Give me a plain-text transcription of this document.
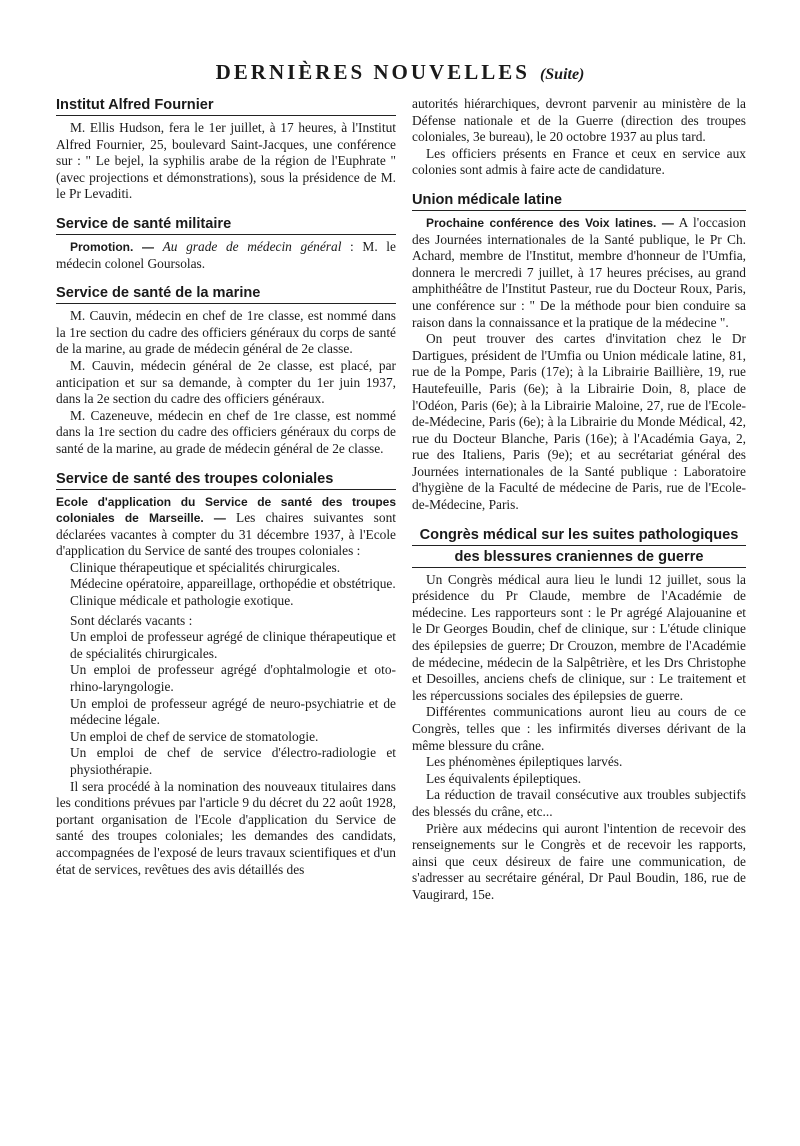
DERNIÈRES NOUVELLES (Suite)
Institut Alfred Fournier

M. Ellis Hudson, fera le 1er juillet, à 17 heures, à l'Institut Alfred Fournier, 25, boulevard Saint-Jacques, une conférence sur : " Le bejel, la syphilis arabe de la région de l'Euphrate " (avec projections et démonstrations), sous la présidence de M. le Pr Levaditi.

Service de santé militaire

Promotion. — Au grade de médecin général : M. le médecin colonel Goursolas.

Service de santé de la marine

M. Cauvin, médecin en chef de 1re classe, est nommé dans la 1re section du cadre des officiers généraux du corps de santé de la marine, au grade de médecin général de 2e classe.

M. Cauvin, médecin général de 2e classe, est placé, par anticipation et sur sa demande, à compter du 1er juin 1937, dans la 2e section du cadre des officiers généraux.

M. Cazeneuve, médecin en chef de 1re classe, est nommé dans la 1re section du cadre des officiers généraux du corps de santé de la marine, au grade de médecin général de 2e classe.

Service de santé des troupes coloniales

Ecole d'application du Service de santé des troupes coloniales de Marseille. — Les chaires suivantes sont déclarées vacantes à compter du 31 décembre 1937, à l'Ecole d'application du Service de santé des troupes coloniales :

Clinique thérapeutique et spécialités chirurgicales.

Médecine opératoire, appareillage, orthopédie et obstétrique.

Clinique médicale et pathologie exotique.

Sont déclarés vacants :

Un emploi de professeur agrégé de clinique thérapeutique et de spécialités chirurgicales.

Un emploi de professeur agrégé d'ophtalmologie et oto-rhino-laryngologie.

Un emploi de professeur agrégé de neuro-psychiatrie et de médecine légale.

Un emploi de chef de service de stomatologie.

Un emploi de chef de service d'électro-radiologie et physiothérapie.

Il sera procédé à la nomination des nouveaux titulaires dans les conditions prévues par l'article 9 du décret du 22 août 1928, portant organisation de l'Ecole d'application du Service de santé des troupes coloniales; les demandes des candidats, accompagnées de l'exposé de leurs travaux scientifiques et d'un état de services, revêtues des avis détaillés des

autorités hiérarchiques, devront parvenir au ministère de la Défense nationale et de la Guerre (direction des troupes coloniales, 3e bureau), le 20 octobre 1937 au plus tard.

Les officiers présents en France et ceux en service aux colonies sont admis à faire acte de candidature.

Union médicale latine

Prochaine conférence des Voix latines. — A l'occasion des Journées internationales de la Santé publique, le Pr Ch. Achard, membre de l'Institut, membre d'honneur de l'Umfia, donnera le mercredi 7 juillet, à 17 heures précises, au grand amphithéâtre de l'Institut Pasteur, rue du Docteur Roux, Paris, une conférence sur : " De la méthode pour bien conduire sa raison dans la connaissance et la pratique de la médecine ".

On peut trouver des cartes d'invitation chez le Dr Dartigues, président de l'Umfia ou Union médicale latine, 81, rue de la Pompe, Paris (17e); à la Librairie Baillière, 19, rue Hautefeuille, Paris (6e); à la Librairie Doin, 8, place de l'Odéon, Paris (6e); à la Librairie Maloine, 27, rue de l'Ecole-de-Médecine, Paris (6e); à la Librairie du Monde Médical, 42, rue du Docteur Blanche, Paris (16e); à l'Académia Gaya, 2, rue des Italiens, Paris (9e); et au secrétariat général des Journées internationales de la Santé publique : Laboratoire d'hygiène de la Faculté de médecine de Paris, rue de l'Ecole-de-Médecine, Paris.

Congrès médical sur les suites pathologiques
des blessures craniennes de guerre

Un Congrès médical aura lieu le lundi 12 juillet, sous la présidence du Pr Claude, membre de l'Académie de médecine. Les rapporteurs sont : le Pr agrégé Alajouanine et le Dr Georges Boudin, chef de clinique, sur : L'étude clinique des épilepsies de guerre; Dr Crouzon, membre de l'Académie de médecine, médecin de la Salpêtrière, et les Drs Christophe et Desoilles, anciens chefs de clinique, sur : Le traitement et les répercussions sociales des épilepsies de guerre.

Différentes communications auront lieu au cours de ce Congrès, telles que : les infirmités diverses dérivant de la même blessure du crâne.

Les phénomènes épileptiques larvés.

Les équivalents épileptiques.

La réduction de travail consécutive aux troubles subjectifs des blessés du crâne, etc...

Prière aux médecins qui auront l'intention de recevoir des renseignements sur le Congrès et de recevoir les rapports, ainsi que ceux désireux de faire une communication, de s'adresser au secrétaire général, Dr Paul Boudin, 186, rue de Vaugirard, 15e.
